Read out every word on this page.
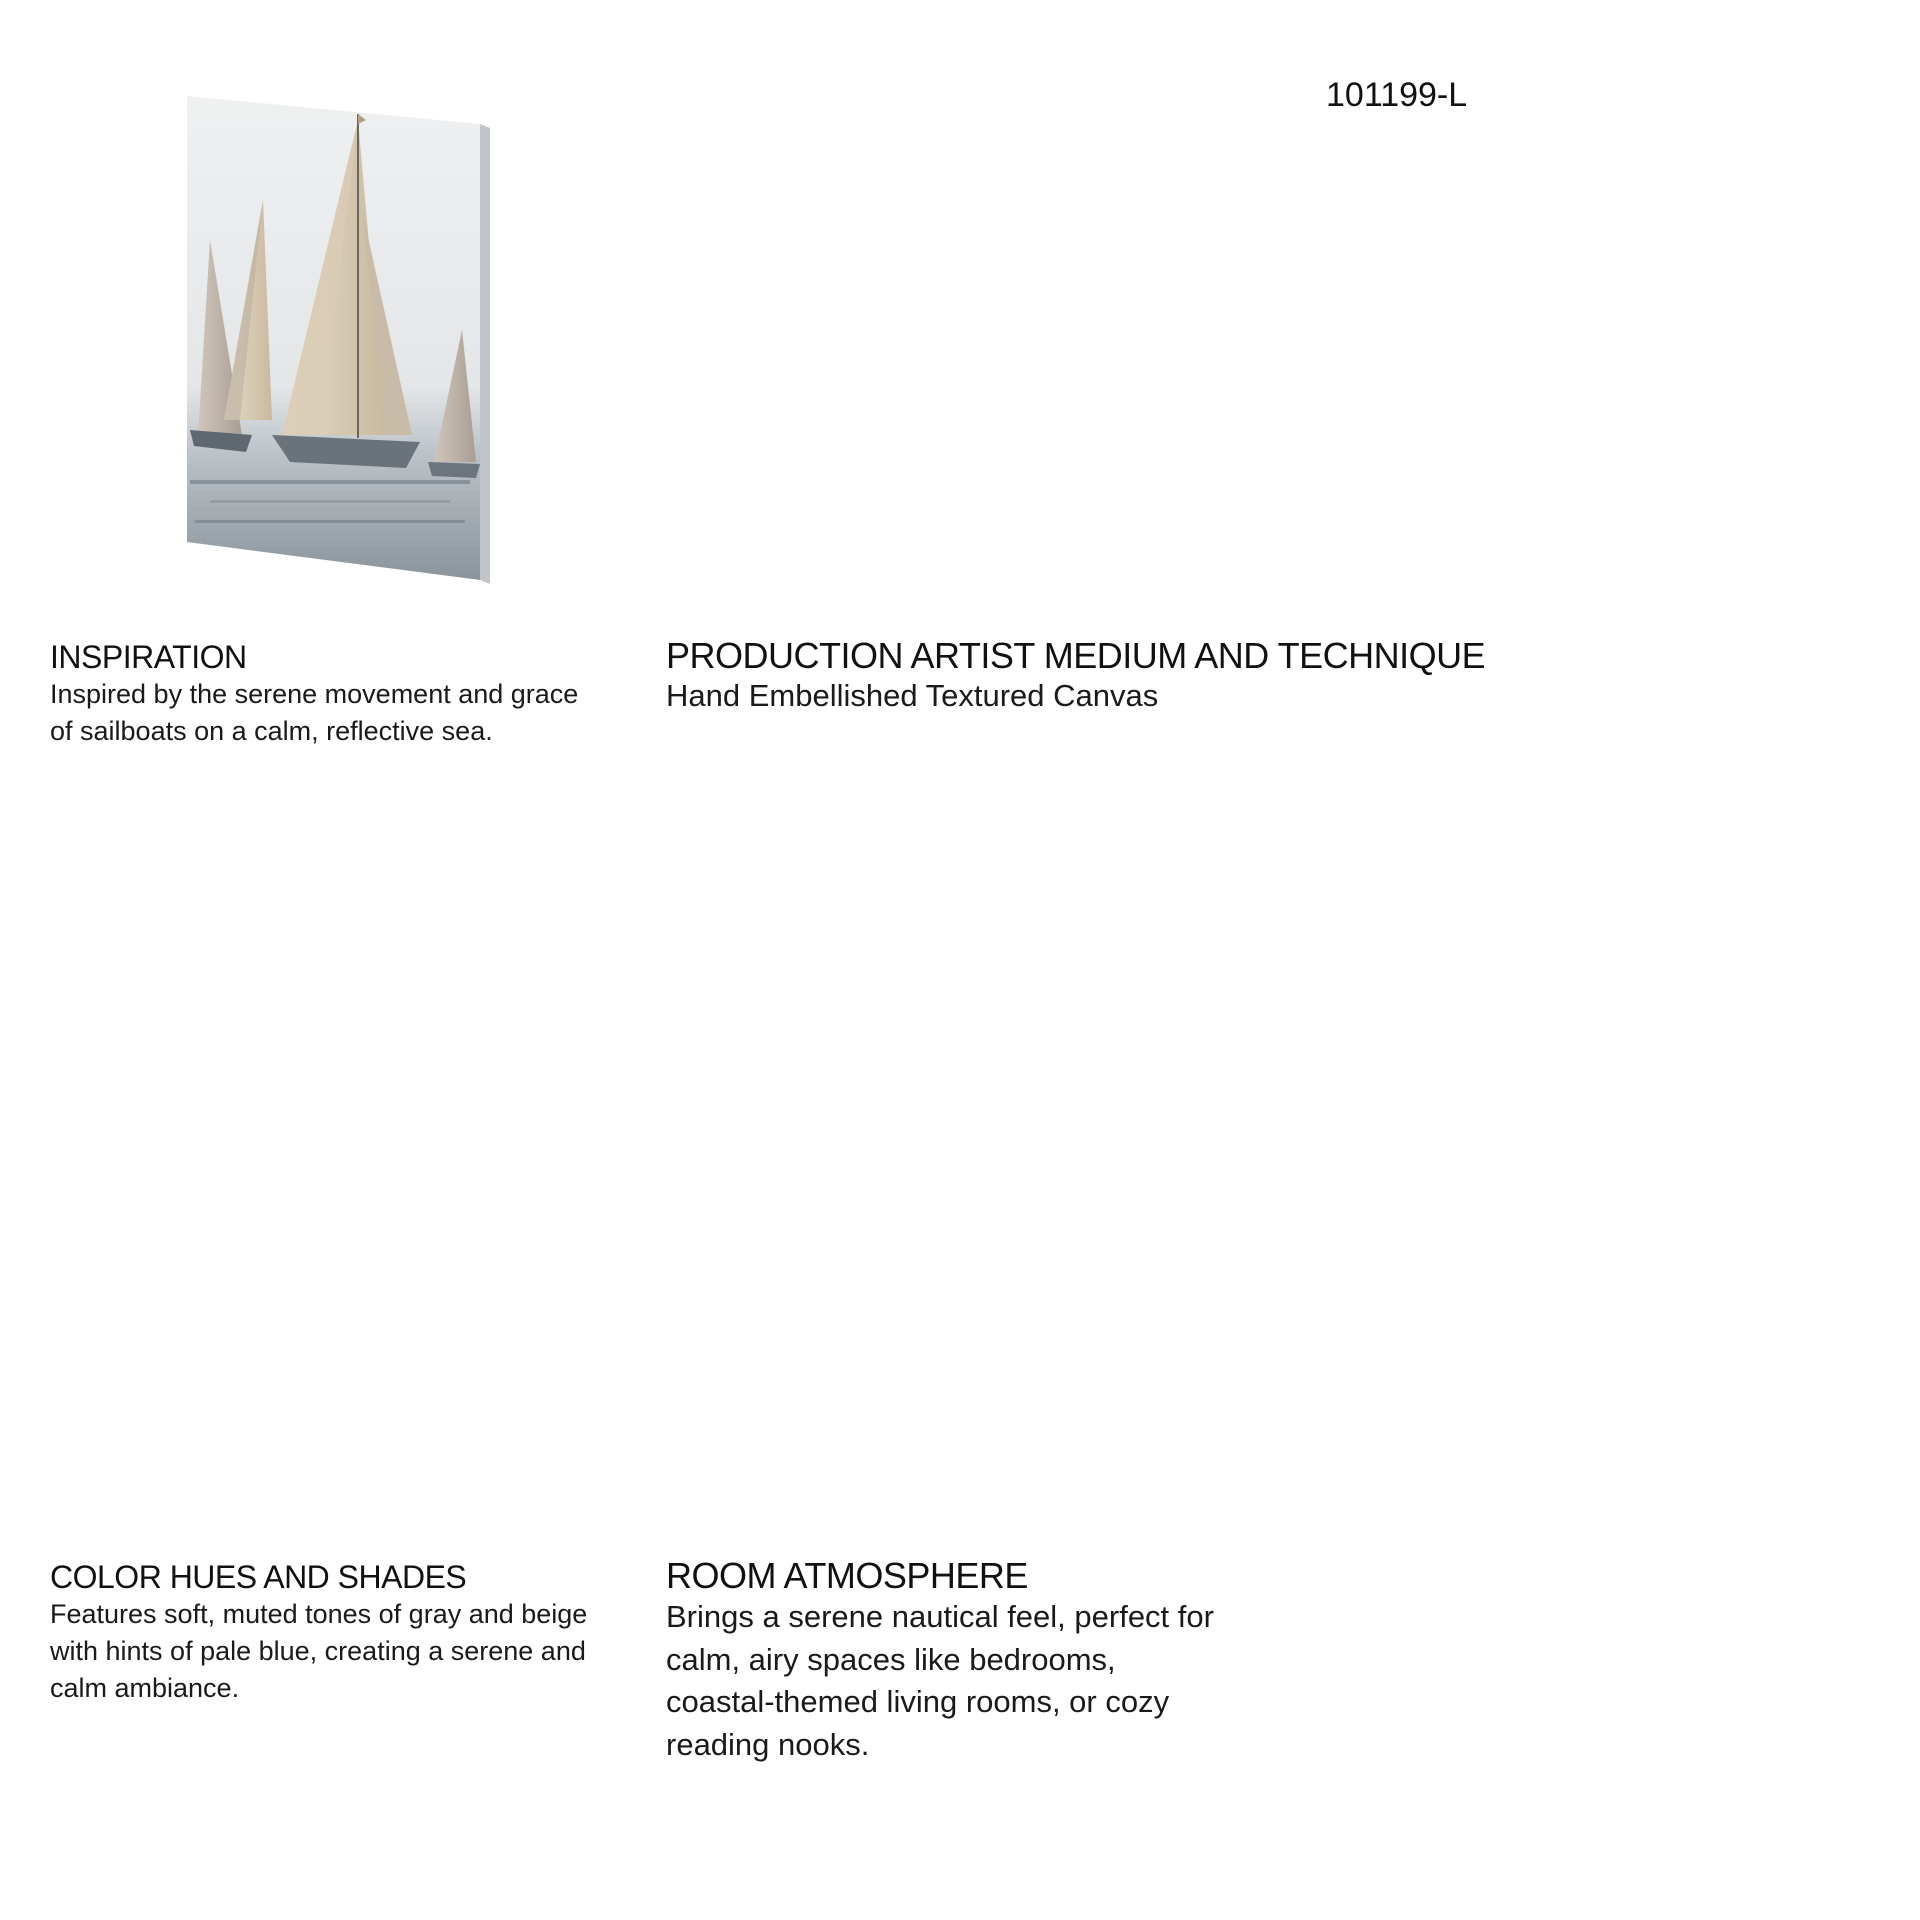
101199-L
INSPIRATION

Inspired by the serene movement and grace

of sailboats on a calm, reflective sea.

PRODUCTION ARTIST MEDIUM AND TECHNIQUE

Hand Embellished Textured Canvas

COLOR HUES AND SHADES

Features soft, muted tones of gray and beige

with hints of pale blue, creating a serene and

calm ambiance.

ROOM ATMOSPHERE

Brings a serene nautical feel, perfect for

calm, airy spaces like bedrooms,

coastal-themed living rooms, or cozy

reading nooks.
